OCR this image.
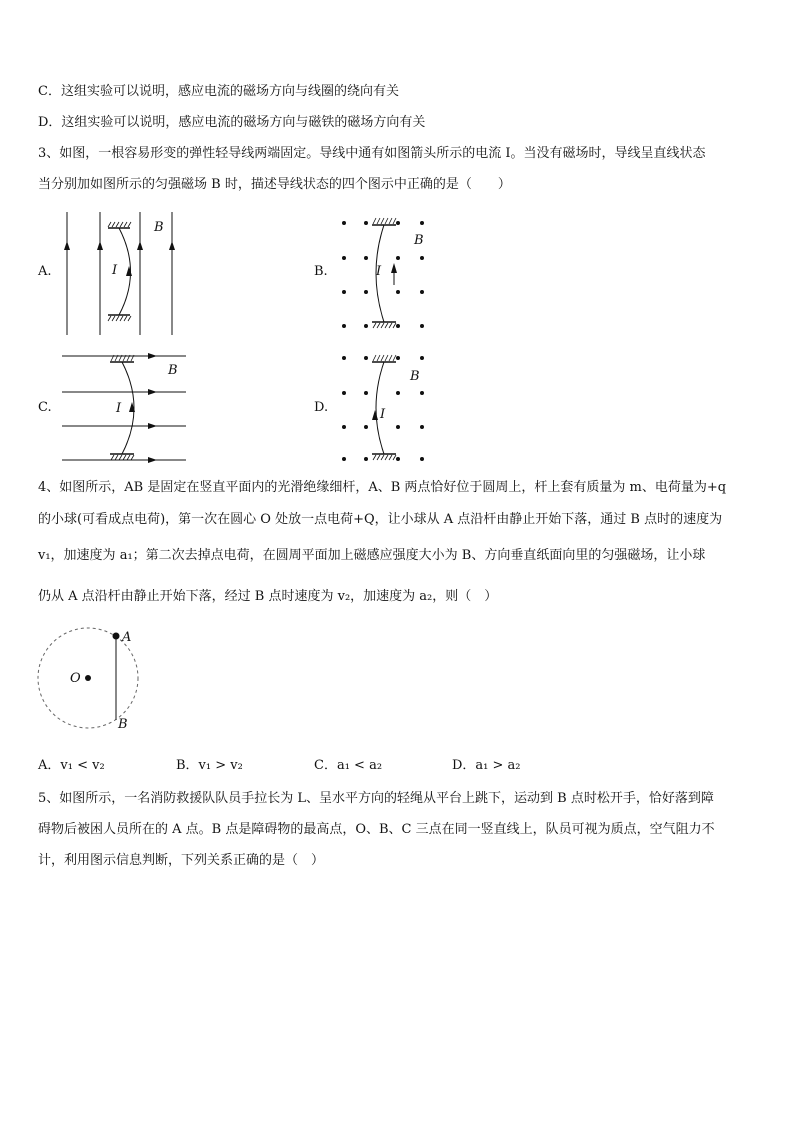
C．这组实验可以说明，感应电流的磁场方向与线圈的绕向有关
D．这组实验可以说明，感应电流的磁场方向与磁铁的磁场方向有关
3、如图，一根容易形变的弹性轻导线两端固定。导线中通有如图箭头所示的电流 I。当没有磁场时，导线呈直线状态
当分别加如图所示的匀强磁场 B 时，描述导线状态的四个图示中正确的是（　　）
A.	B.
C.	D.
I
B
I
B
I
B
I
B
4、如图所示，AB 是固定在竖直平面内的光滑绝缘细杆，A、B 两点恰好位于圆周上，杆上套有质量为 m、电荷量为+q
的小球(可看成点电荷)，第一次在圆心 O 处放一点电荷+Q，让小球从 A 点沿杆由静止开始下落，通过 B 点时的速度为
v₁，加速度为 a₁；第二次去掉点电荷，在圆周平面加上磁感应强度大小为 B、方向垂直纸面向里的匀强磁场，让小球
仍从 A 点沿杆由静止开始下落，经过 B 点时速度为 v₂，加速度为 a₂，则（　）
A
B
O
A．v₁ < v₂	B．v₁ > v₂	C．a₁ < a₂	D．a₁ > a₂
5、如图所示，一名消防救援队队员手拉长为 L、呈水平方向的轻绳从平台上跳下，运动到 B 点时松开手，恰好落到障
碍物后被困人员所在的 A 点。B 点是障碍物的最高点，O、B、C 三点在同一竖直线上，队员可视为质点，空气阻力不
计，利用图示信息判断，下列关系正确的是（　）
